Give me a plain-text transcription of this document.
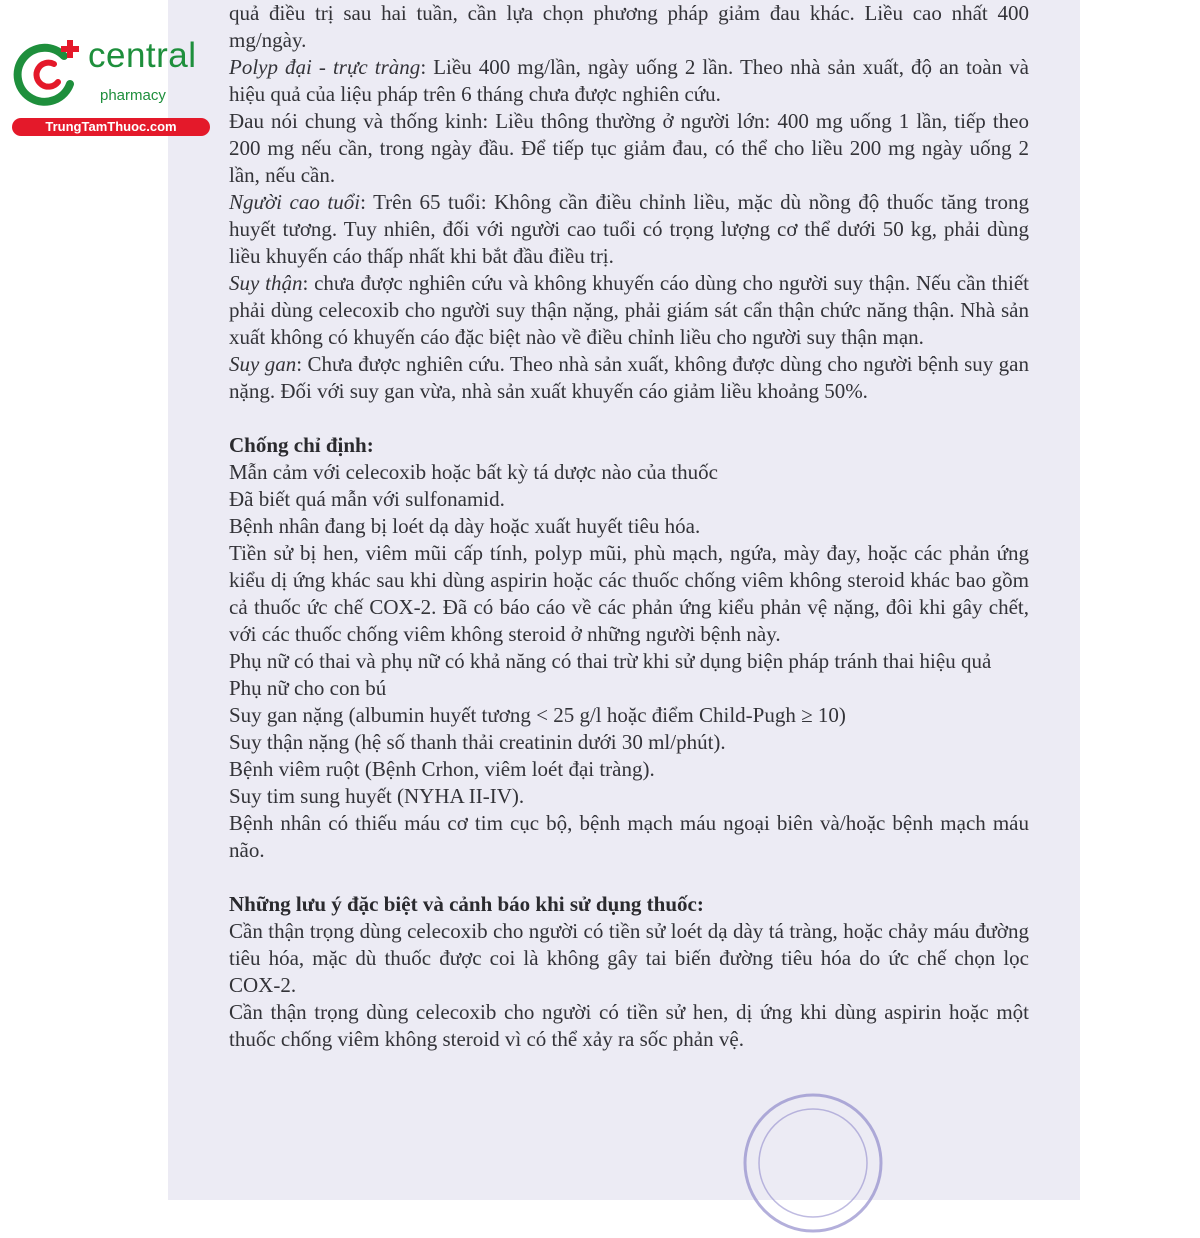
central
pharmacy
TrungTamThuoc.com

quả điều trị sau hai tuần, cần lựa chọn phương pháp giảm đau khác. Liều cao nhất 400 mg/ngày.

Polyp đại - trực tràng: Liều 400 mg/lần, ngày uống 2 lần. Theo nhà sản xuất, độ an toàn và hiệu quả của liệu pháp trên 6 tháng chưa được nghiên cứu.

Đau nói chung và thống kinh: Liều thông thường ở người lớn: 400 mg uống 1 lần, tiếp theo 200 mg nếu cần, trong ngày đầu. Để tiếp tục giảm đau, có thể cho liều 200 mg ngày uống 2 lần, nếu cần.

Người cao tuổi: Trên 65 tuổi: Không cần điều chỉnh liều, mặc dù nồng độ thuốc tăng trong huyết tương. Tuy nhiên, đối với người cao tuổi có trọng lượng cơ thể dưới 50 kg, phải dùng liều khuyến cáo thấp nhất khi bắt đầu điều trị.

Suy thận: chưa được nghiên cứu và không khuyến cáo dùng cho người suy thận. Nếu cần thiết phải dùng celecoxib cho người suy thận nặng, phải giám sát cẩn thận chức năng thận. Nhà sản xuất không có khuyến cáo đặc biệt nào về điều chỉnh liều cho người suy thận mạn.

Suy gan: Chưa được nghiên cứu. Theo nhà sản xuất, không được dùng cho người bệnh suy gan nặng. Đối với suy gan vừa, nhà sản xuất khuyến cáo giảm liều khoảng 50%.

Chống chỉ định:

Mẫn cảm với celecoxib hoặc bất kỳ tá dược nào của thuốc

Đã biết quá mẫn với sulfonamid.

Bệnh nhân đang bị loét dạ dày hoặc xuất huyết tiêu hóa.

Tiền sử bị hen, viêm mũi cấp tính, polyp mũi, phù mạch, ngứa, mày đay, hoặc các phản ứng kiểu dị ứng khác sau khi dùng aspirin hoặc các thuốc chống viêm không steroid khác bao gồm cả thuốc ức chế COX-2. Đã có báo cáo về các phản ứng kiểu phản vệ nặng, đôi khi gây chết, với các thuốc chống viêm không steroid ở những người bệnh này.

Phụ nữ có thai và phụ nữ có khả năng có thai trừ khi sử dụng biện pháp tránh thai hiệu quả

Phụ nữ cho con bú

Suy gan nặng (albumin huyết tương < 25 g/l hoặc điểm Child-Pugh ≥ 10)

Suy thận nặng (hệ số thanh thải creatinin dưới 30 ml/phút).

Bệnh viêm ruột (Bệnh Crhon, viêm loét đại tràng).

Suy tim sung huyết (NYHA II-IV).

Bệnh nhân có thiếu máu cơ tim cục bộ, bệnh mạch máu ngoại biên và/hoặc bệnh mạch máu não.

Những lưu ý đặc biệt và cảnh báo khi sử dụng thuốc:

Cần thận trọng dùng celecoxib cho người có tiền sử loét dạ dày tá tràng, hoặc chảy máu đường tiêu hóa, mặc dù thuốc được coi là không gây tai biến đường tiêu hóa do ức chế chọn lọc COX-2.

Cần thận trọng dùng celecoxib cho người có tiền sử hen, dị ứng khi dùng aspirin hoặc một thuốc chống viêm không steroid vì có thể xảy ra sốc phản vệ.
